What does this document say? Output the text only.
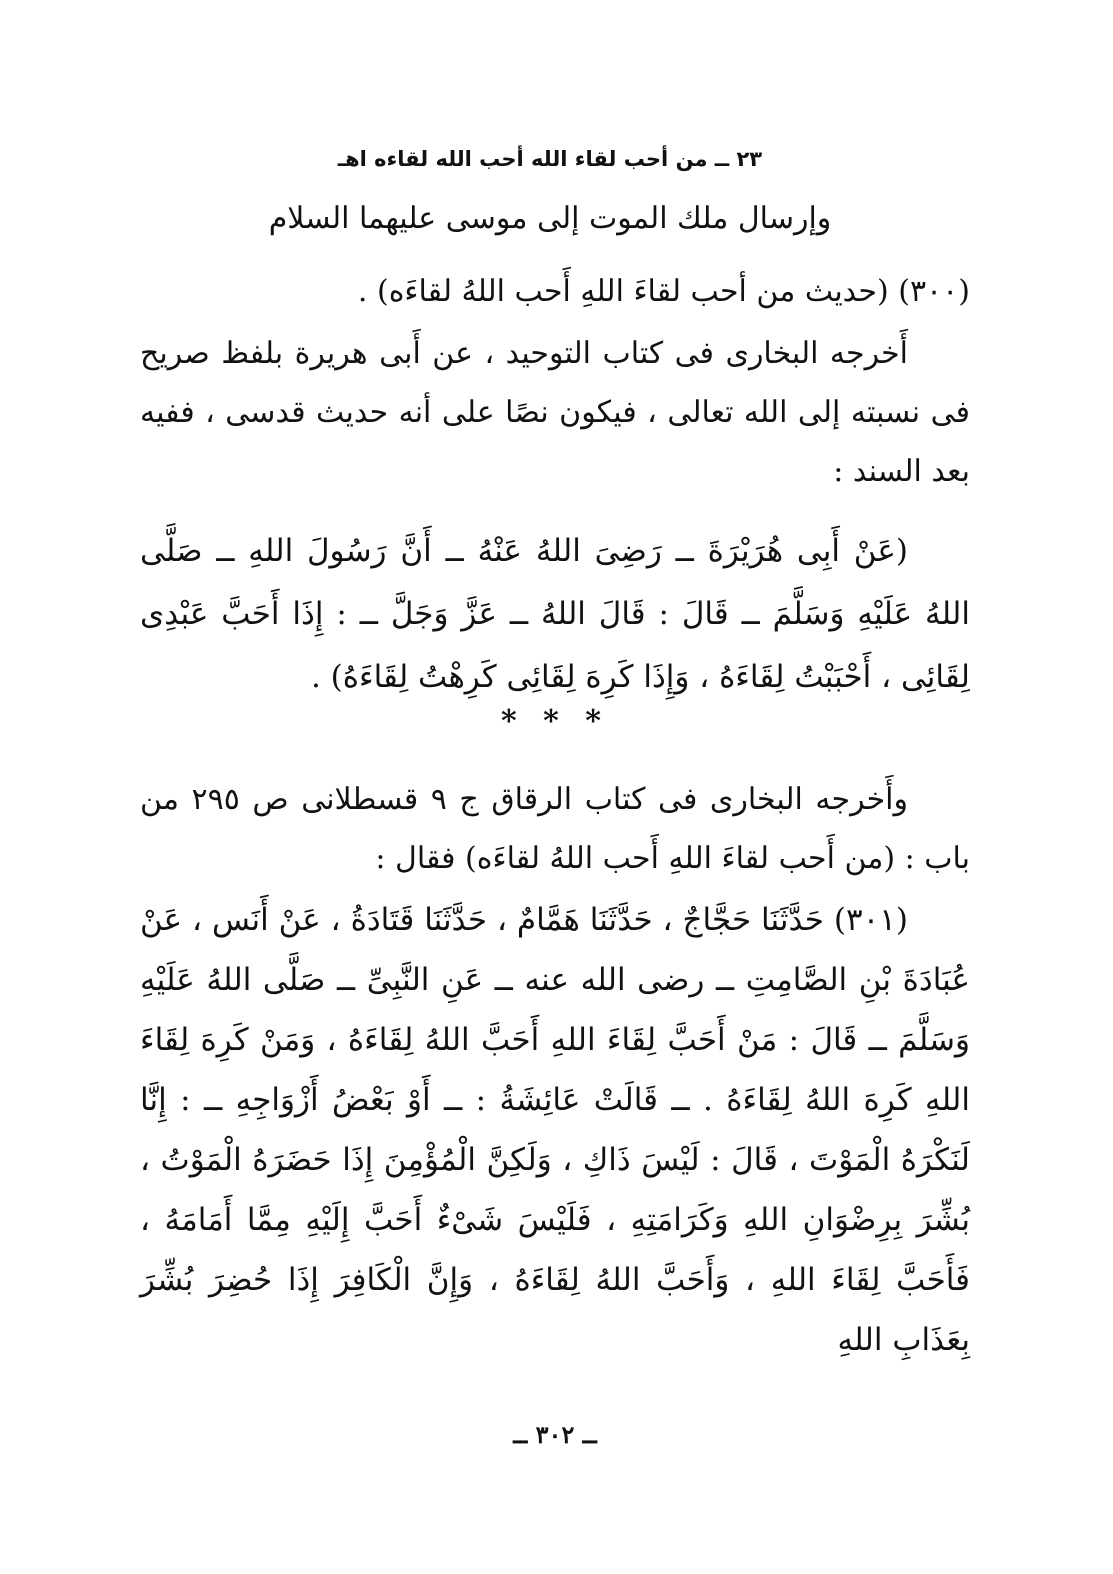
٢٣ ــ من أحب لقاء الله أحب الله لقاءه اهـ
وإرسال ملك الموت إلى موسى عليهما السلام
(٣٠٠) (حديث من أحب لقاءَ اللهِ أَحب اللهُ لقاءَه) .
أَخرجه البخارى فى كتاب التوحيد ، عن أَبى هريرة بلفظ صريح فى نسبته إلى الله تعالى ، فيكون نصًا على أنه حديث قدسى ، ففيه بعد السند :
(عَنْ أَبِى هُرَيْرَةَ ــ رَضِىَ اللهُ عَنْهُ ــ أَنَّ رَسُولَ اللهِ ــ صَلَّى اللهُ عَلَيْهِ وَسَلَّمَ ــ قَالَ : قَالَ اللهُ ــ عَزَّ وَجَلَّ ــ : إِذَا أَحَبَّ عَبْدِى لِقَائِى ، أَحْبَبْتُ لِقَاءَهُ ، وَإِذَا كَرِهَ لِقَائِى كَرِهْتُ لِقَاءَهُ) .
* * *
وأَخرجه البخارى فى كتاب الرقاق ج ٩ قسطلانى ص ٢٩٥ من باب : (من أَحب لقاءَ اللهِ أَحب اللهُ لقاءَه) فقال :
(٣٠١) حَدَّثَنَا حَجَّاجٌ ، حَدَّثَنَا هَمَّامٌ ، حَدَّثَنَا قَتَادَةُ ، عَنْ أَنَس ، عَنْ عُبَادَةَ بْنِ الصَّامِتِ ــ رضى الله عنه ــ عَنِ النَّبِىِّ ــ صَلَّى اللهُ عَلَيْهِ وَسَلَّمَ ــ قَالَ : مَنْ أَحَبَّ لِقَاءَ اللهِ أَحَبَّ اللهُ لِقَاءَهُ ، وَمَنْ كَرِهَ لِقَاءَ اللهِ كَرِهَ اللهُ لِقَاءَهُ . ــ قَالَتْ عَائِشَةُ : ــ أَوْ بَعْضُ أَزْوَاجِهِ ــ : إِنَّا لَنَكْرَهُ الْمَوْتَ ، قَالَ : لَيْسَ ذَاكِ ، وَلَكِنَّ الْمُؤْمِنَ إِذَا حَضَرَهُ الْمَوْتُ ، بُشِّرَ بِرِضْوَانِ اللهِ وَكَرَامَتِهِ ، فَلَيْسَ شَىْءٌ أَحَبَّ إِلَيْهِ مِمَّا أَمَامَهُ ، فَأَحَبَّ لِقَاءَ اللهِ ، وَأَحَبَّ اللهُ لِقَاءَهُ ، وَإِنَّ الْكَافِرَ إِذَا حُضِرَ بُشِّرَ بِعَذَابِ اللهِ
ــ ٣٠٢ ــ
